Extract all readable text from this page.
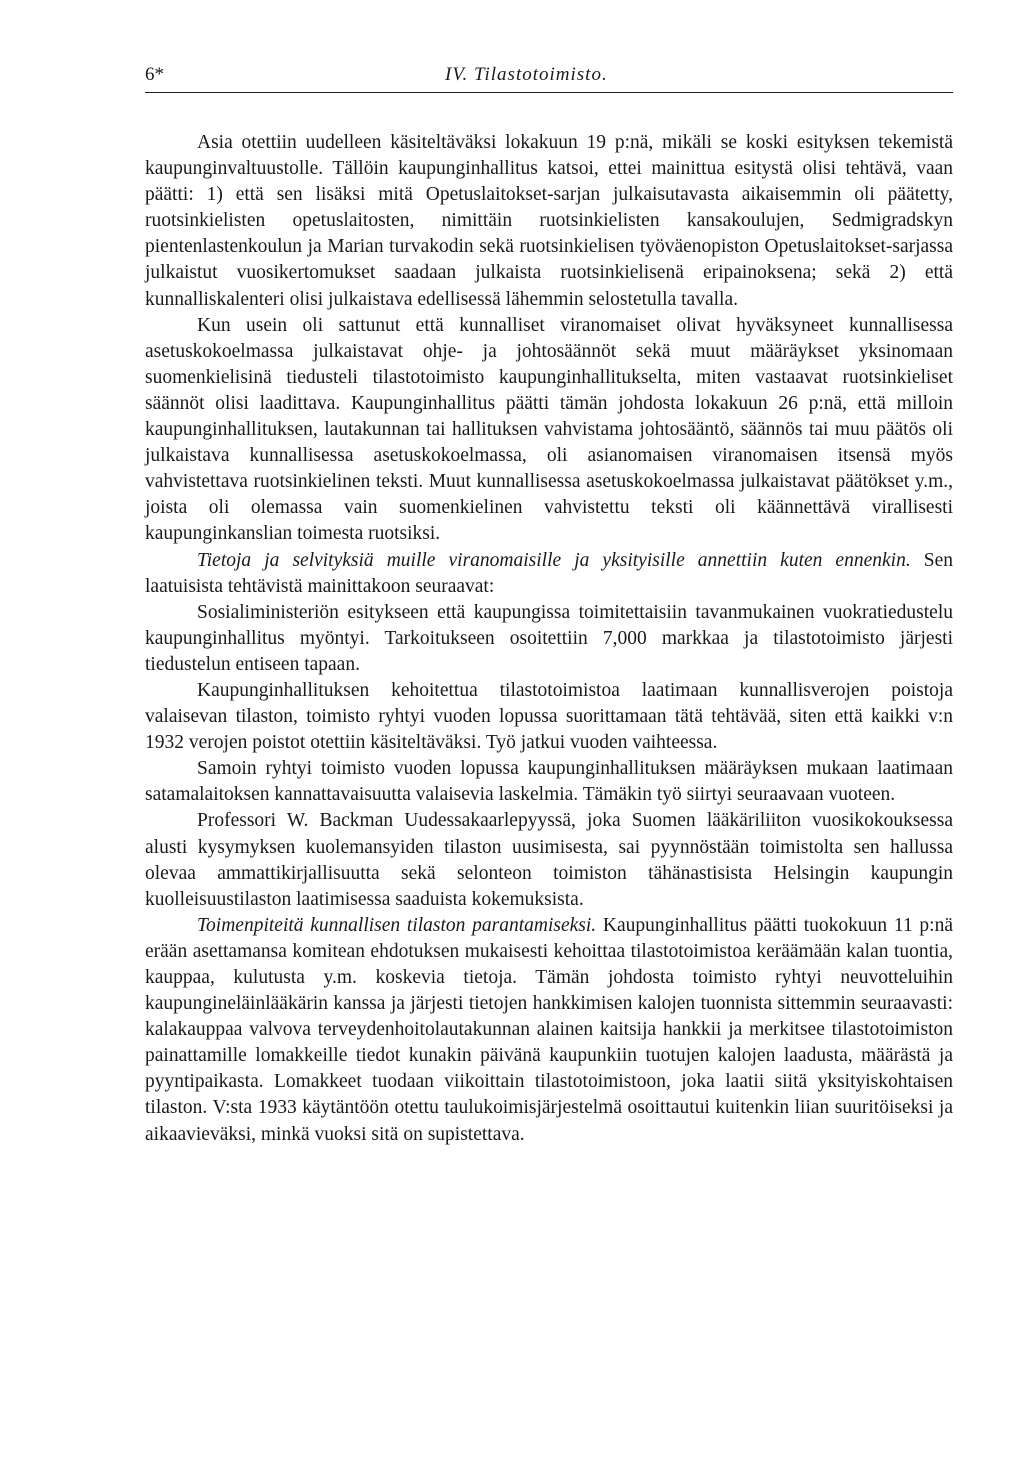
6*	IV. Tilastotoimisto.

Asia otettiin uudelleen käsiteltäväksi lokakuun 19 p:nä, mikäli se koski esityksen tekemistä kaupunginvaltuustolle. Tällöin kaupunginhallitus katsoi, ettei mainittua esitystä olisi tehtävä, vaan päätti: 1) että sen lisäksi mitä Opetuslaitokset-sarjan julkaisutavasta aikaisemmin oli päätetty, ruotsinkielisten opetuslaitosten, nimittäin ruotsinkielisten kansakoulujen, Sedmigradskyn pientenlastenkoulun ja Marian turvakodin sekä ruotsinkielisen työväenopiston Opetuslaitokset-sarjassa julkaistut vuosikertomukset saadaan julkaista ruotsinkielisenä eripainoksena; sekä 2) että kunnalliskalenteri olisi julkaistava edellisessä lähemmin selostetulla tavalla.

Kun usein oli sattunut että kunnalliset viranomaiset olivat hyväksyneet kunnallisessa asetuskokoelmassa julkaistavat ohje- ja johtosäännöt sekä muut määräykset yksinomaan suomenkielisinä tiedusteli tilastotoimisto kaupunginhallitukselta, miten vastaavat ruotsinkieliset säännöt olisi laadittava. Kaupunginhallitus päätti tämän johdosta lokakuun 26 p:nä, että milloin kaupunginhallituksen, lautakunnan tai hallituksen vahvistama johtosääntö, säännös tai muu päätös oli julkaistava kunnallisessa asetuskokoelmassa, oli asianomaisen viranomaisen itsensä myös vahvistettava ruotsinkielinen teksti. Muut kunnallisessa asetuskokoelmassa julkaistavat päätökset y.m., joista oli olemassa vain suomenkielinen vahvistettu teksti oli käännettävä virallisesti kaupunginkanslian toimesta ruotsiksi.

Tietoja ja selvityksiä muille viranomaisille ja yksityisille annettiin kuten ennenkin. Sen laatuisista tehtävistä mainittakoon seuraavat:

Sosialiministeriön esitykseen että kaupungissa toimitettaisiin tavanmukainen vuokratiedustelu kaupunginhallitus myöntyi. Tarkoitukseen osoitettiin 7,000 markkaa ja tilastotoimisto järjesti tiedustelun entiseen tapaan.

Kaupunginhallituksen kehoitettua tilastotoimistoa laatimaan kunnallisverojen poistoja valaisevan tilaston, toimisto ryhtyi vuoden lopussa suorittamaan tätä tehtävää, siten että kaikki v:n 1932 verojen poistot otettiin käsiteltäväksi. Työ jatkui vuoden vaihteessa.

Samoin ryhtyi toimisto vuoden lopussa kaupunginhallituksen määräyksen mukaan laatimaan satamalaitoksen kannattavaisuutta valaisevia laskelmia. Tämäkin työ siirtyi seuraavaan vuoteen.

Professori W. Backman Uudessakaarlepyyssä, joka Suomen lääkäriliiton vuosikokouksessa alusti kysymyksen kuolemansyiden tilaston uusimisesta, sai pyynnöstään toimistolta sen hallussa olevaa ammattikirjallisuutta sekä selonteon toimiston tähänastisista Helsingin kaupungin kuolleisuustilaston laatimisessa saaduista kokemuksista.

Toimenpiteitä kunnallisen tilaston parantamiseksi. Kaupunginhallitus päätti tuokokuun 11 p:nä erään asettamansa komitean ehdotuksen mukaisesti kehoittaa tilastotoimistoa keräämään kalan tuontia, kauppaa, kulutusta y.m. koskevia tietoja. Tämän johdosta toimisto ryhtyi neuvotteluihin kaupungineläinlääkärin kanssa ja järjesti tietojen hankkimisen kalojen tuonnista sittemmin seuraavasti: kalakauppaa valvova terveydenhoitolautakunnan alainen kaitsija hankkii ja merkitsee tilastotoimiston painattamille lomakkeille tiedot kunakin päivänä kaupunkiin tuotujen kalojen laadusta, määrästä ja pyyntipaikasta. Lomakkeet tuodaan viikoittain tilastotoimistoon, joka laatii siitä yksityiskohtaisen tilaston. V:sta 1933 käytäntöön otettu taulukoimisjärjestelmä osoittautui kuitenkin liian suuritöiseksi ja aikaavieväksi, minkä vuoksi sitä on supistettava.
